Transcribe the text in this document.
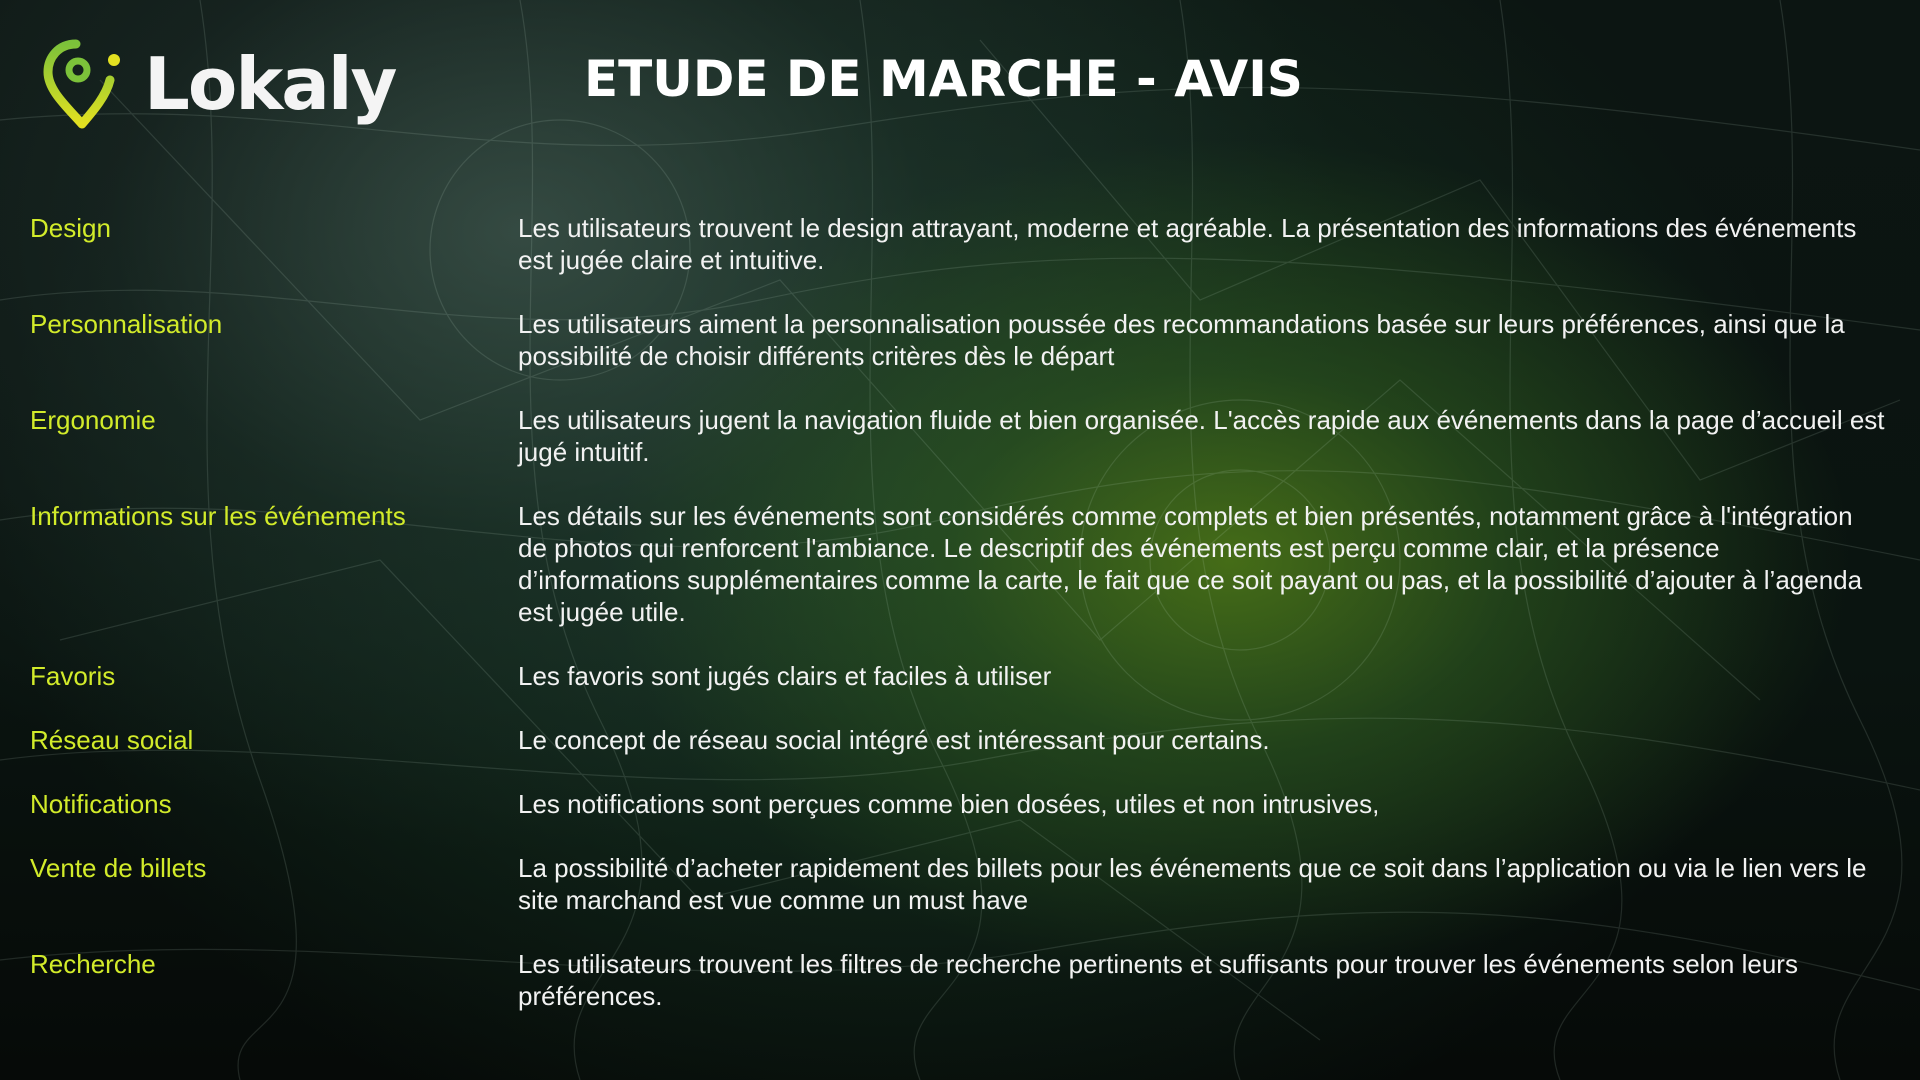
Lokaly	ETUDE DE MARCHE - AVIS
Design	Les utilisateurs trouvent le design attrayant, moderne et agréable. La présentation des informations des événements est jugée claire et intuitive.
Personnalisation	Les utilisateurs aiment la personnalisation poussée des recommandations basée sur leurs préférences, ainsi que la possibilité de choisir différents critères dès le départ
Ergonomie	Les utilisateurs jugent la navigation fluide et bien organisée. L'accès rapide aux événements dans la page d’accueil est jugé intuitif.
Informations sur les événements	Les détails sur les événements sont considérés comme complets et bien présentés, notamment grâce à l'intégration de photos qui renforcent l'ambiance. Le descriptif des événements est perçu comme clair, et la présence d’informations supplémentaires comme la carte, le fait que ce soit payant ou pas, et la possibilité d’ajouter à l’agenda est jugée utile.
Favoris	Les favoris sont jugés clairs et faciles à utiliser
Réseau social	Le concept de réseau social intégré est intéressant pour certains.
Notifications	Les notifications sont perçues comme bien dosées, utiles et non intrusives,
Vente de billets	La possibilité d’acheter rapidement des billets pour les événements que ce soit dans l’application ou via le lien vers le site marchand est vue comme un must have
Recherche	Les utilisateurs trouvent les filtres de recherche pertinents et suffisants pour trouver les événements selon leurs préférences.
